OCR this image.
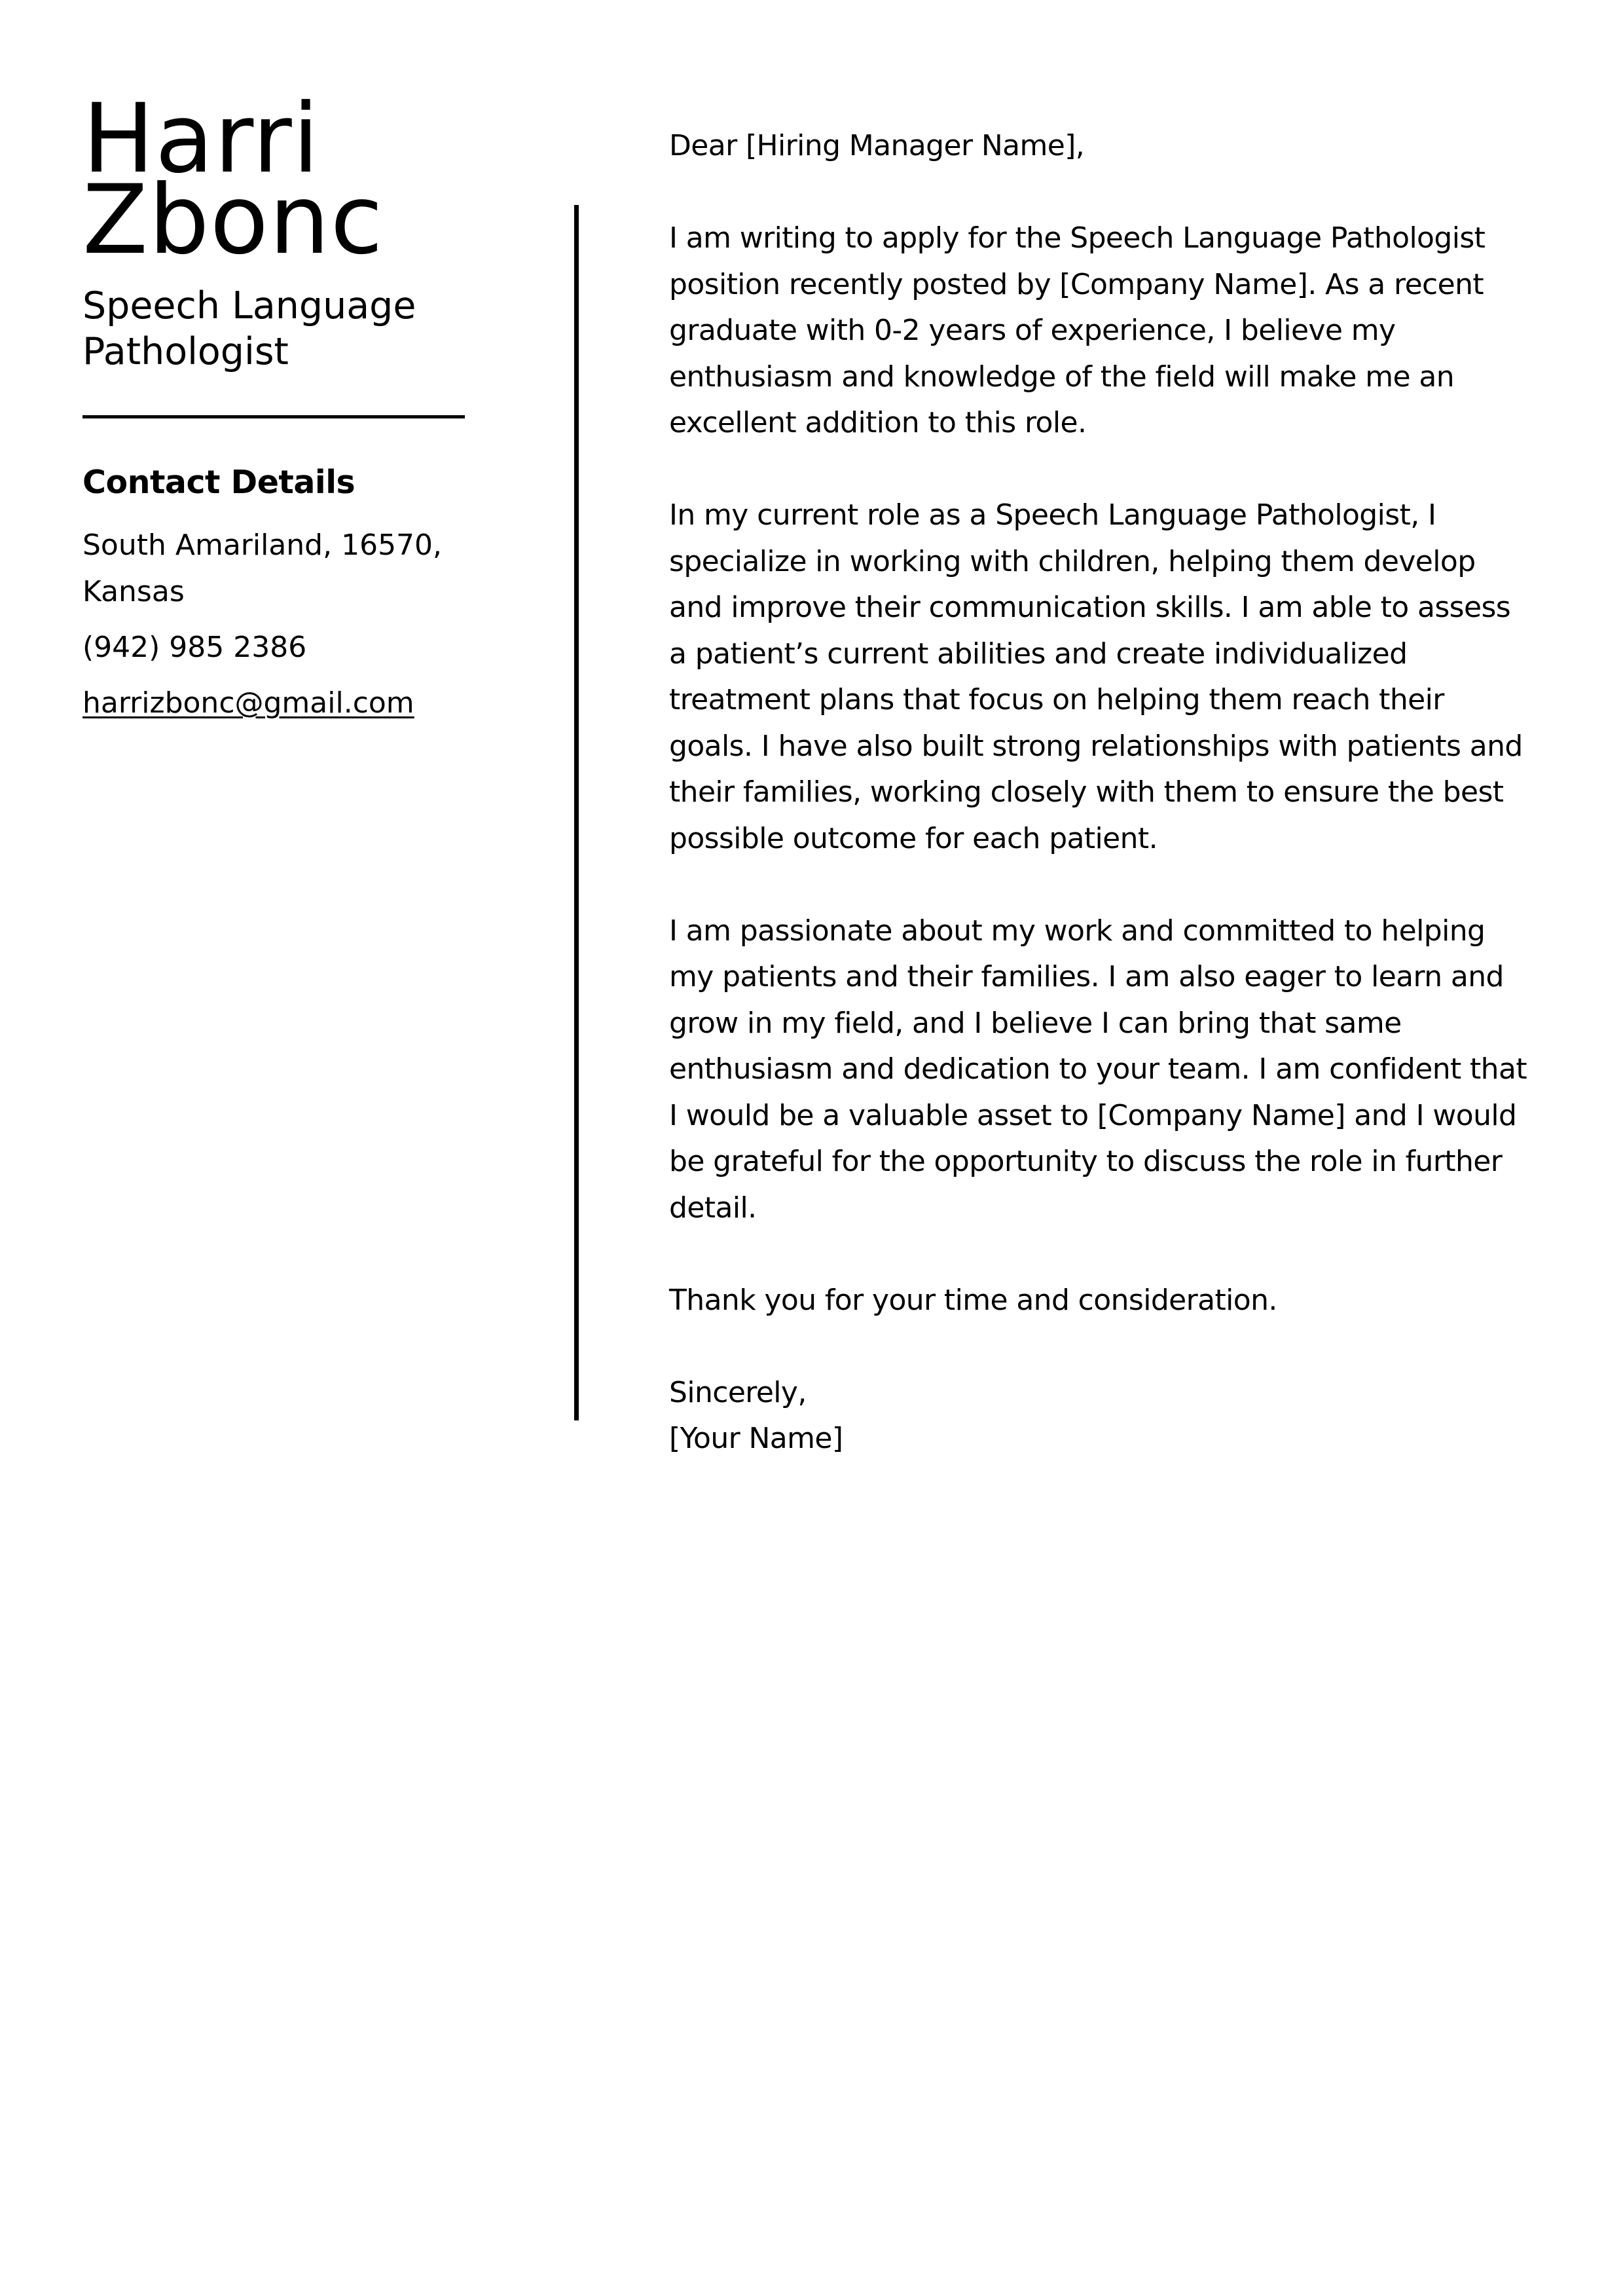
Harri
Zbonc
Speech Language Pathologist
Contact Details
South Amariland, 16570, Kansas
(942) 985 2386
harrizbonc@gmail.com

Dear [Hiring Manager Name],

I am writing to apply for the Speech Language Pathologist position recently posted by [Company Name]. As a recent graduate with 0-2 years of experience, I believe my enthusiasm and knowledge of the field will make me an excellent addition to this role.

In my current role as a Speech Language Pathologist, I specialize in working with children, helping them develop and improve their communication skills. I am able to assess a patient’s current abilities and create individualized treatment plans that focus on helping them reach their goals. I have also built strong relationships with patients and their families, working closely with them to ensure the best possible outcome for each patient.

I am passionate about my work and committed to helping my patients and their families. I am also eager to learn and grow in my field, and I believe I can bring that same enthusiasm and dedication to your team. I am confident that I would be a valuable asset to [Company Name] and I would be grateful for the opportunity to discuss the role in further detail.

Thank you for your time and consideration.

Sincerely,
[Your Name]
